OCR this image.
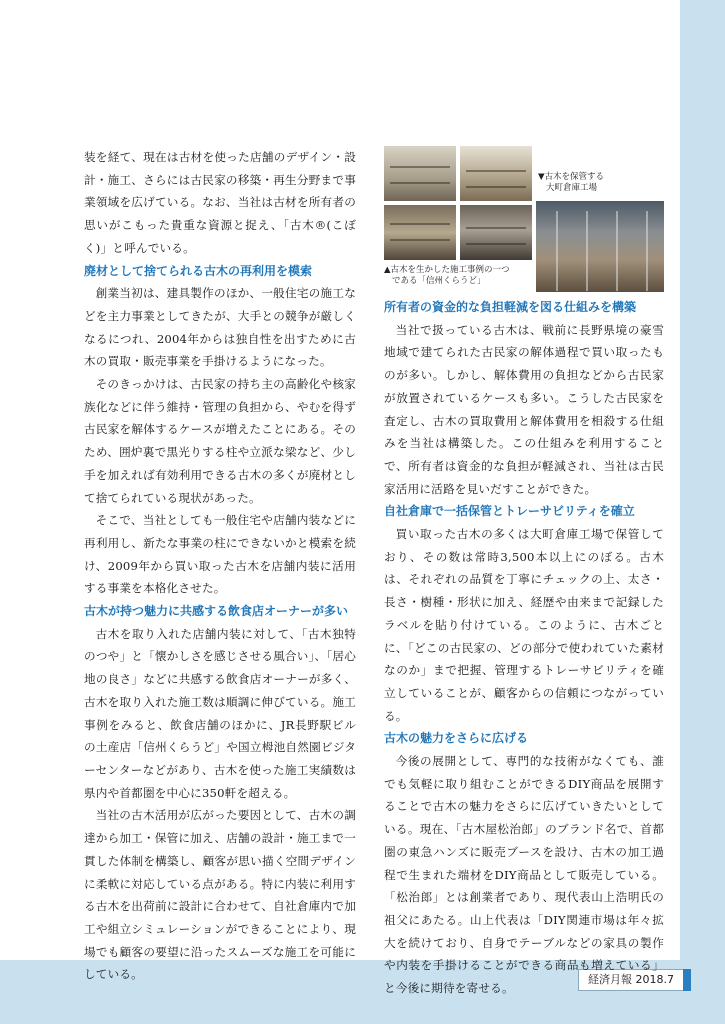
経済月報 2018.7
▼古木を保管する
大町倉庫工場
▲古木を生かした施工事例の一つ
である「信州くらうど」

装を経て、現在は古材を使った店舗のデザイン・設計・施工、さらには古民家の移築・再生分野まで事業領域を広げている。なお、当社は古材を所有者の思いがこもった貴重な資源と捉え、「古木®(こぼく)」と呼んでいる。

廃材として捨てられる古木の再利用を模索

創業当初は、建具製作のほか、一般住宅の施工などを主力事業としてきたが、大手との競争が厳しくなるにつれ、2004年からは独自性を出すために古木の買取・販売事業を手掛けるようになった。

そのきっかけは、古民家の持ち主の高齢化や核家族化などに伴う維持・管理の負担から、やむを得ず古民家を解体するケースが増えたことにある。そのため、囲炉裏で黒光りする柱や立派な梁など、少し手を加えれば有効利用できる古木の多くが廃材として捨てられている現状があった。

そこで、当社としても一般住宅や店舗内装などに再利用し、新たな事業の柱にできないかと模索を続け、2009年から買い取った古木を店舗内装に活用する事業を本格化させた。

古木が持つ魅力に共感する飲食店オーナーが多い

古木を取り入れた店舗内装に対して、「古木独特のつや」と「懐かしさを感じさせる風合い」、「居心地の良さ」などに共感する飲食店オーナーが多く、古木を取り入れた施工数は順調に伸びている。施工事例をみると、飲食店舗のほかに、JR長野駅ビルの土産店「信州くらうど」や国立栂池自然園ビジターセンターなどがあり、古木を使った施工実績数は県内や首都圏を中心に350軒を超える。

当社の古木活用が広がった要因として、古木の調達から加工・保管に加え、店舗の設計・施工まで一貫した体制を構築し、顧客が思い描く空間デザインに柔軟に対応している点がある。特に内装に利用する古木を出荷前に設計に合わせて、自社倉庫内で加工や組立シミュレーションができることにより、現場でも顧客の要望に沿ったスムーズな施工を可能にしている。

所有者の資金的な負担軽減を図る仕組みを構築

当社で扱っている古木は、戦前に長野県境の豪雪地域で建てられた古民家の解体過程で買い取ったものが多い。しかし、解体費用の負担などから古民家が放置されているケースも多い。こうした古民家を査定し、古木の買取費用と解体費用を相殺する仕組みを当社は構築した。この仕組みを利用することで、所有者は資金的な負担が軽減され、当社は古民家活用に活路を見いだすことができた。

自社倉庫で一括保管とトレーサビリティを確立

買い取った古木の多くは大町倉庫工場で保管しており、その数は常時3,500本以上にのぼる。古木は、それぞれの品質を丁寧にチェックの上、太さ・長さ・樹種・形状に加え、経歴や由来まで記録したラベルを貼り付けている。このように、古木ごとに、「どこの古民家の、どの部分で使われていた素材なのか」まで把握、管理するトレーサビリティを確立していることが、顧客からの信頼につながっている。

古木の魅力をさらに広げる

今後の展開として、専門的な技術がなくても、誰でも気軽に取り組むことができるDIY商品を展開することで古木の魅力をさらに広げていきたいとしている。現在、「古木屋松治郎」のブランド名で、首都圏の東急ハンズに販売ブースを設け、古木の加工過程で生まれた端材をDIY商品として販売している。「松治郎」とは創業者であり、現代表山上浩明氏の祖父にあたる。山上代表は「DIY関連市場は年々拡大を続けており、自身でテーブルなどの家具の製作や内装を手掛けることができる商品も増えている」と今後に期待を寄せる。
